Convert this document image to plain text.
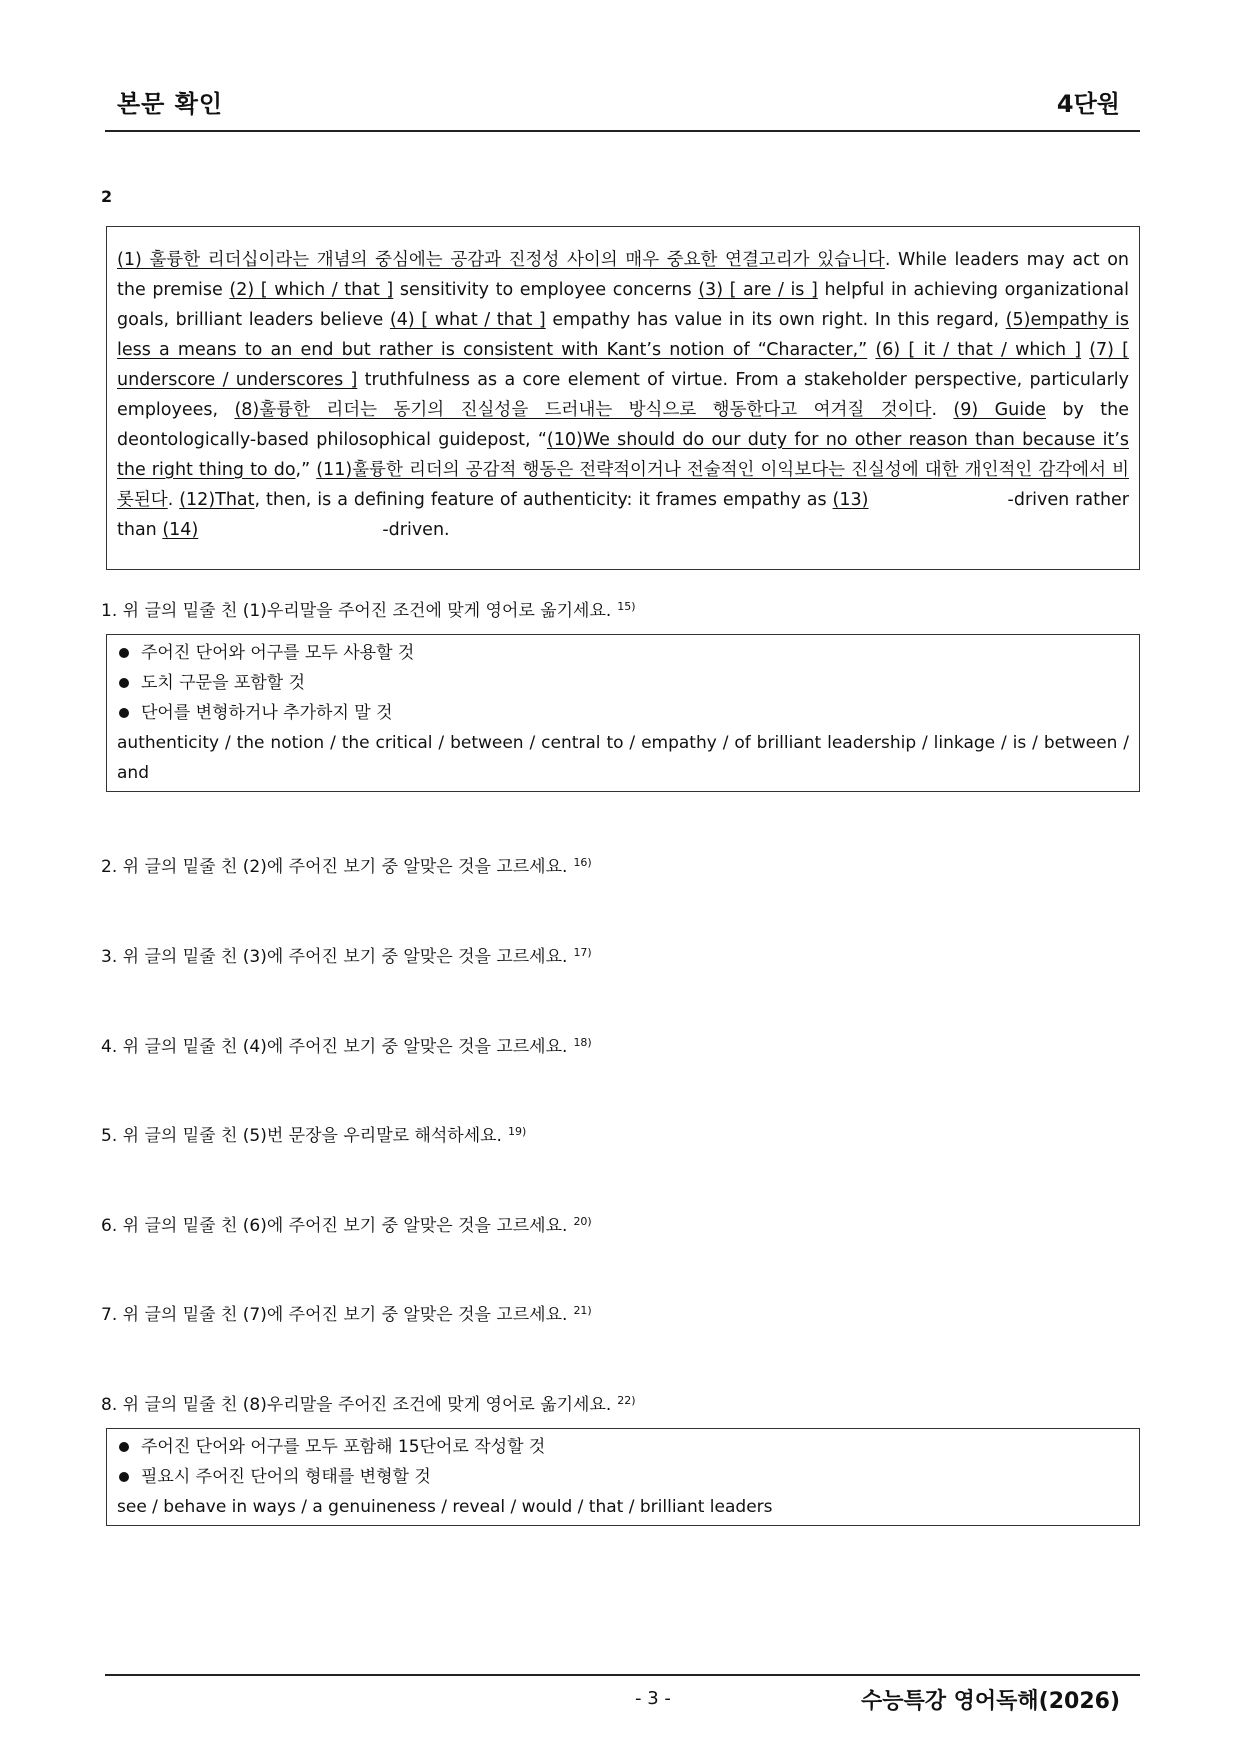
본문 확인	4단원
2

(1) 훌륭한 리더십이라는 개념의 중심에는 공감과 진정성 사이의 매우 중요한 연결고리가 있습니다. While leaders may act on the premise (2) [ which / that ] sensitivity to employee concerns (3) [ are / is ] helpful in achieving organizational goals, brilliant leaders believe (4) [ what / that ] empathy has value in its own right. In this regard, (5)empathy is less a means to an end but rather is consistent with Kant’s notion of “Character,” (6) [ it / that / which ] (7) [ underscore / underscores ] truthfulness as a core element of virtue. From a stakeholder perspective, particularly employees, (8)훌륭한 리더는 동기의 진실성을 드러내는 방식으로 행동한다고 여겨질 것이다. (9) Guide by the deontologically-based philosophical guidepost, “(10)We should do our duty for no other reason than because it’s the right thing to do,” (11)훌륭한 리더의 공감적 행동은 전략적이거나 전술적인 이익보다는 진실성에 대한 개인적인 감각에서 비롯된다. (12)That, then, is a defining feature of authenticity: it frames empathy as (13)	-driven rather than (14)	-driven.

1. 위 글의 밑줄 친 (1)우리말을 주어진 조건에 맞게 영어로 옮기세요. $^{15)}$
주어진 단어와 어구를 모두 사용할 것
도치 구문을 포함할 것
단어를 변형하거나 추가하지 말 것
authenticity / the notion / the critical / between / central to / empathy / of brilliant leadership / linkage / is / between / and
2. 위 글의 밑줄 친 (2)에 주어진 보기 중 알맞은 것을 고르세요. $^{16)}$
3. 위 글의 밑줄 친 (3)에 주어진 보기 중 알맞은 것을 고르세요. $^{17)}$
4. 위 글의 밑줄 친 (4)에 주어진 보기 중 알맞은 것을 고르세요. $^{18)}$
5. 위 글의 밑줄 친 (5)번 문장을 우리말로 해석하세요. $^{19)}$
6. 위 글의 밑줄 친 (6)에 주어진 보기 중 알맞은 것을 고르세요. $^{20)}$
7. 위 글의 밑줄 친 (7)에 주어진 보기 중 알맞은 것을 고르세요. $^{21)}$
8. 위 글의 밑줄 친 (8)우리말을 주어진 조건에 맞게 영어로 옮기세요. $^{22)}$
주어진 단어와 어구를 모두 포함해 15단어로 작성할 것
필요시 주어진 단어의 형태를 변형할 것
see / behave in ways / a genuineness / reveal / would / that / brilliant leaders
- 3 -	수능특강 영어독해(2026)
